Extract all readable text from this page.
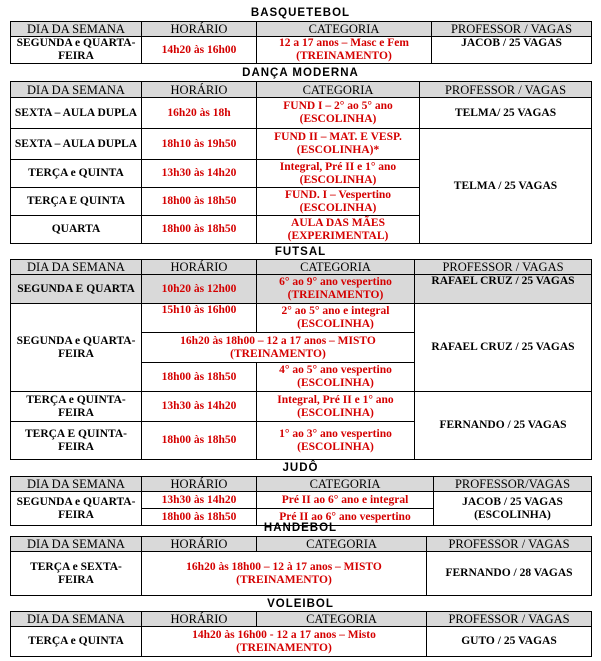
BASQUETEBOL
DIA DA SEMANA	HORÁRIO	CATEGORIA	PROFESSOR / VAGAS
SEGUNDA e QUARTA-FEIRA	14h20 às 16h00	12 a 17 anos – Masc e Fem (TREINAMENTO)	JACOB / 25 VAGAS
DANÇA MODERNA
DIA DA SEMANA	HORÁRIO	CATEGORIA	PROFESSOR / VAGAS
SEXTA – AULA DUPLA	16h20 às 18h	FUND I – 2° ao 5° ano (ESCOLINHA)	TELMA/ 25 VAGAS
SEXTA – AULA DUPLA	18h10 às 19h50	FUND II – MAT. E VESP. (ESCOLINHA)*	TELMA / 25 VAGAS
TERÇA e QUINTA	13h30 às 14h20	Integral, Pré II e 1° ano (ESCOLINHA)	
TERÇA E QUINTA	18h00 às 18h50	FUND. I – Vespertino (ESCOLINHA)	
QUARTA	18h00 às 18h50	AULA DAS MÃES (EXPERIMENTAL)	
FUTSAL
DIA DA SEMANA	HORÁRIO	CATEGORIA	PROFESSOR / VAGAS
SEGUNDA E QUARTA	10h20 às 12h00	6° ao 9° ano vespertino (TREINAMENTO)	RAFAEL CRUZ / 25 VAGAS
SEGUNDA e QUARTA-FEIRA	15h10 às 16h00	2° ao 5° ano e integral (ESCOLINHA)	RAFAEL CRUZ / 25 VAGAS
	16h20 às 18h00 – 12 a 17 anos – MISTO (TREINAMENTO)		
	18h00 às 18h50	4° ao 5° ano vespertino (ESCOLINHA)	
TERÇA e QUINTA-FEIRA	13h30 às 14h20	Integral, Pré II e 1° ano (ESCOLINHA)	FERNANDO / 25 VAGAS
TERÇA E QUINTA-FEIRA	18h00 às 18h50	1° ao 3° ano vespertino (ESCOLINHA)	
JUDÔ
DIA DA SEMANA	HORÁRIO	CATEGORIA	PROFESSOR/VAGAS
SEGUNDA e QUARTA-FEIRA	13h30 às 14h20	Pré II ao 6° ano e integral	JACOB / 25 VAGAS (ESCOLINHA)
	18h00 às 18h50	Pré II ao 6° ano vespertino	
HANDEBOL
DIA DA SEMANA	HORÁRIO	CATEGORIA	PROFESSOR / VAGAS
TERÇA e SEXTA-FEIRA	16h20 às 18h00 – 12 à 17 anos – MISTO (TREINAMENTO)		FERNANDO / 28 VAGAS
VOLEIBOL
DIA DA SEMANA	HORÁRIO	CATEGORIA	PROFESSOR / VAGAS
TERÇA e QUINTA	14h20 às 16h00 - 12 a 17 anos – Misto (TREINAMENTO)		GUTO / 25 VAGAS
